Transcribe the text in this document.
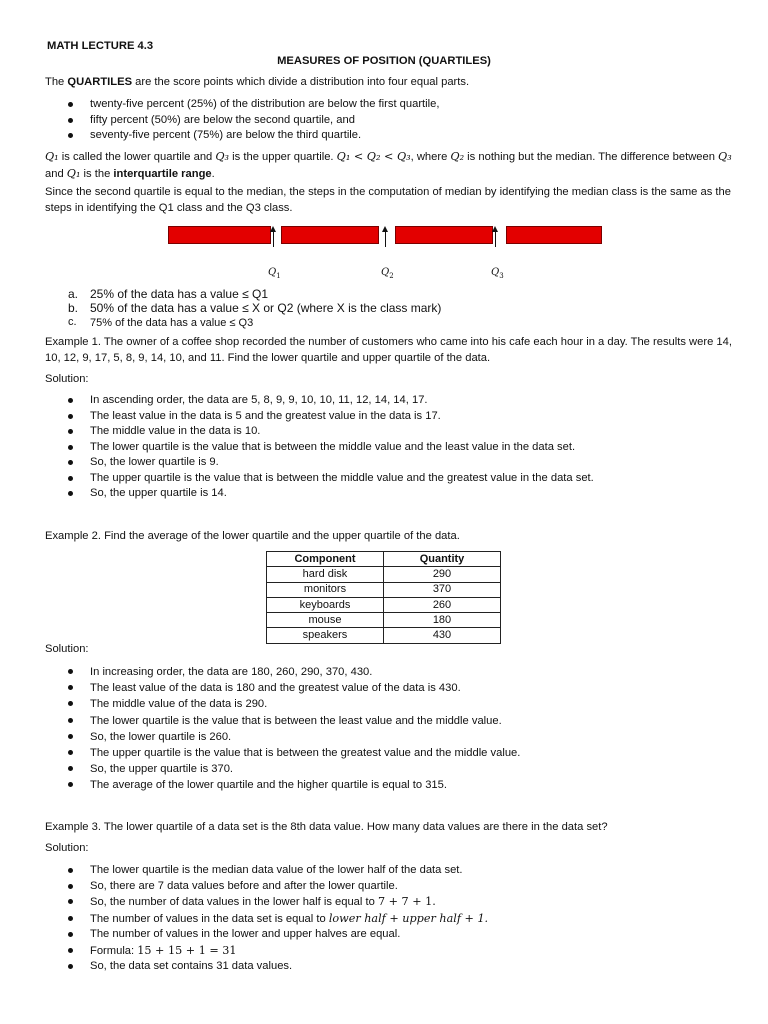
MATH LECTURE 4.3
MEASURES OF POSITION (QUARTILES)
The QUARTILES are the score points which divide a distribution into four equal parts.
twenty-five percent (25%) of the distribution are below the first quartile,
fifty percent (50%) are below the second quartile, and
seventy-five percent (75%) are below the third quartile.
Q₁ is called the lower quartile and Q₃ is the upper quartile. Q₁ < Q₂ < Q₃, where Q₂ is nothing but the median. The difference between Q₃ and Q₁ is the interquartile range.
Since the second quartile is equal to the median, the steps in the computation of median by identifying the median class is the same as the steps in identifying the Q1 class and the Q3 class.
$Q_1$	$Q_2$	$Q_3$
a. 25% of the data has a value ≤ Q1
b. 50% of the data has a value ≤ X or Q2 (where X is the class mark)
c. 75% of the data has a value ≤ Q3
Example 1. The owner of a coffee shop recorded the number of customers who came into his cafe each hour in a day. The results were 14, 10, 12, 9, 17, 5, 8, 9, 14, 10, and 11. Find the lower quartile and upper quartile of the data.
Solution:
In ascending order, the data are 5, 8, 9, 9, 10, 10, 11, 12, 14, 14, 17.
The least value in the data is 5 and the greatest value in the data is 17.
The middle value in the data is 10.
The lower quartile is the value that is between the middle value and the least value in the data set.
So, the lower quartile is 9.
The upper quartile is the value that is between the middle value and the greatest value in the data set.
So, the upper quartile is 14.
Example 2. Find the average of the lower quartile and the upper quartile of the data.
Component	Quantity
hard disk	290
monitors	370
keyboards	260
mouse	180
speakers	430
Solution:
In increasing order, the data are 180, 260, 290, 370, 430.
The least value of the data is 180 and the greatest value of the data is 430.
The middle value of the data is 290.
The lower quartile is the value that is between the least value and the middle value.
So, the lower quartile is 260.
The upper quartile is the value that is between the greatest value and the middle value.
So, the upper quartile is 370.
The average of the lower quartile and the higher quartile is equal to 315.
Example 3. The lower quartile of a data set is the 8th data value. How many data values are there in the data set?
Solution:
The lower quartile is the median data value of the lower half of the data set.
So, there are 7 data values before and after the lower quartile.
So, the number of data values in the lower half is equal to 7 + 7 + 1.
The number of values in the data set is equal to lower half + upper half + 1.
The number of values in the lower and upper halves are equal.
Formula: 15 + 15 + 1 = 31
So, the data set contains 31 data values.
